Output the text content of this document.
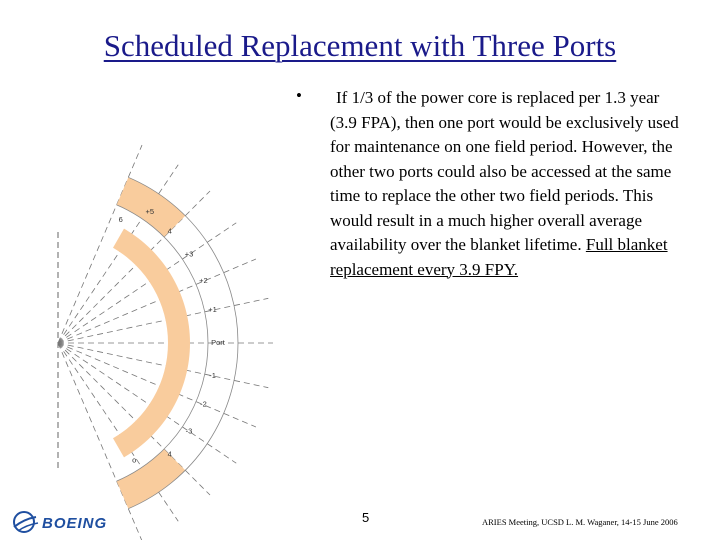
Scheduled Replacement with Three Ports
6
+5
4
+3
+2
+1
Port
-1
-2
-3
4
o
•	If 1/3 of the power core is replaced per 1.3 year (3.9 FPA), then one port would be exclusively used for maintenance on one field period. However, the other two ports could also be accessed at the same time to replace the other two field periods. This would result in a much higher overall average availability over the blanket lifetime. Full blanket replacement every 3.9 FPY.
BOEING	5	ARIES Meeting, UCSD L. M. Waganer, 14-15 June 2006
